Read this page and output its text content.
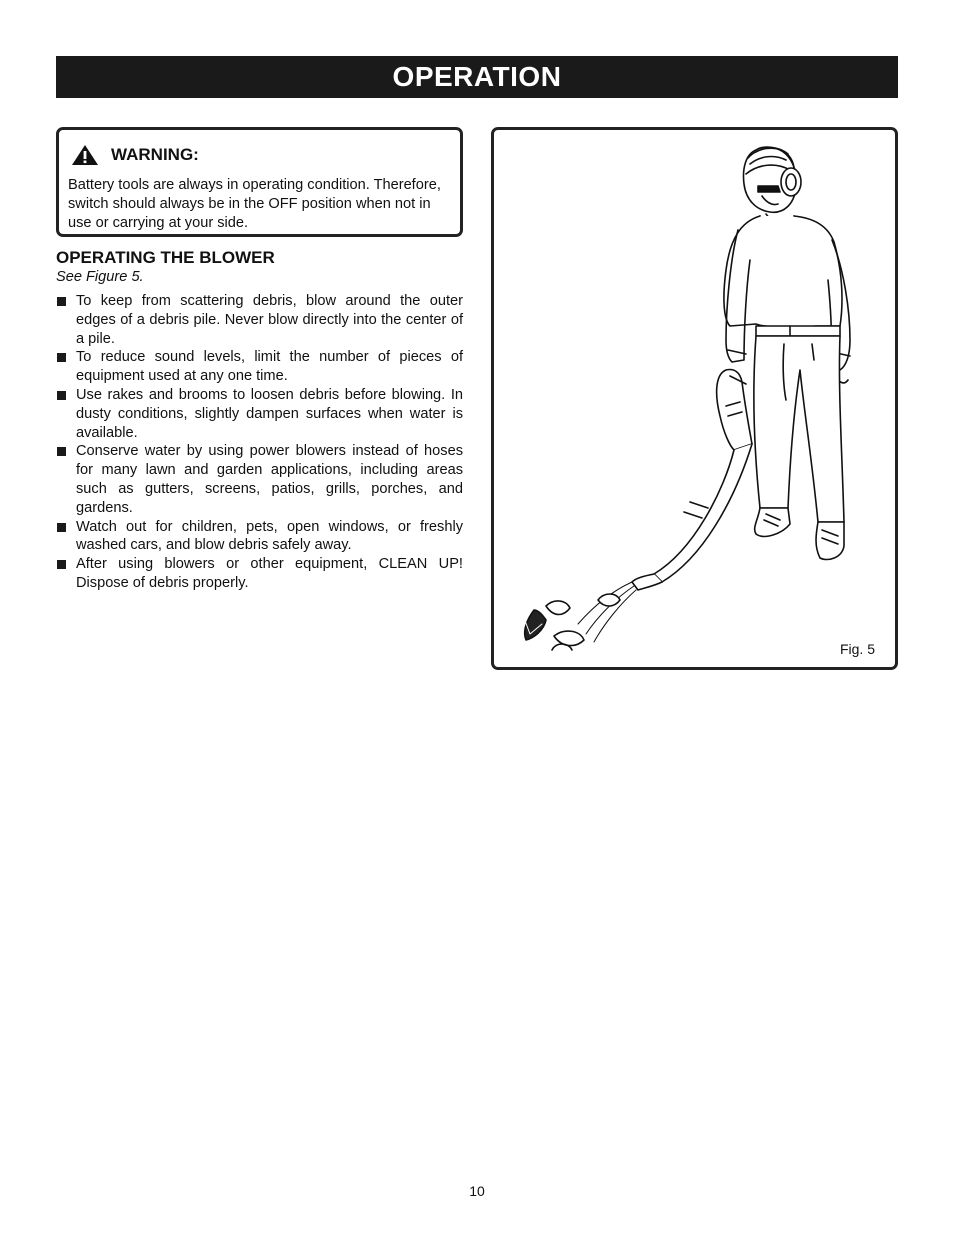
OPERATION
WARNING:
Battery tools are always in operating condition. Therefore, switch should always be in the OFF position when not in use or carrying at your side.
OPERATING THE BLOWER
See Figure 5.
To keep from scattering debris, blow around the outer edges of a debris pile. Never blow directly into the center of a pile.
To reduce sound levels, limit the number of pieces of equipment used at any one time.
Use rakes and brooms to loosen debris before blowing. In dusty conditions, slightly dampen surfaces when water is available.
Conserve water by using power blowers instead of hoses for many lawn and garden applications, including areas such as gutters, screens, patios, grills, porches, and gardens.
Watch out for children, pets, open windows, or freshly washed cars, and blow debris safely away.
After using blowers or other equipment, CLEAN UP! Dispose of debris properly.
Fig. 5
10
